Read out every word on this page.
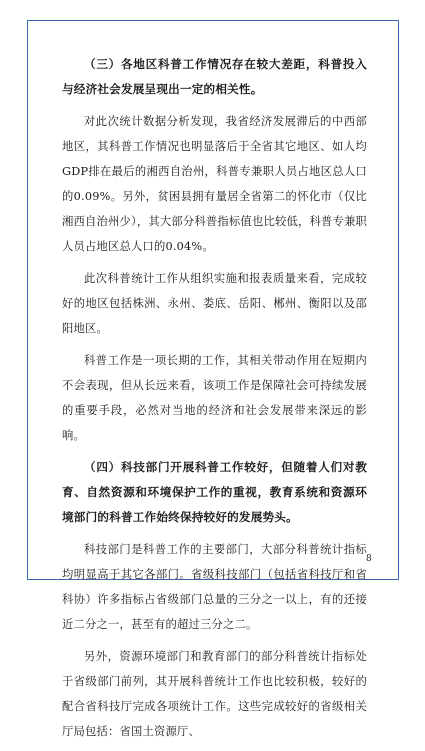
（三）各地区科普工作情况存在较大差距，科普投入与经济社会发展呈现出一定的相关性。

对此次统计数据分析发现，我省经济发展滞后的中西部地区，其科普工作情况也明显落后于全省其它地区、如人均GDP排在最后的湘西自治州，科普专兼职人员占地区总人口的0.09%。另外，贫困县拥有量居全省第二的怀化市（仅比湘西自治州少），其大部分科普指标值也比较低，科普专兼职人员占地区总人口的0.04%。

此次科普统计工作从组织实施和报表质量来看，完成较好的地区包括株洲、永州、娄底、岳阳、郴州、衡阳以及邵阳地区。

科普工作是一项长期的工作，其相关带动作用在短期内不会表现，但从长远来看，该项工作是保障社会可持续发展的重要手段，必然对当地的经济和社会发展带来深远的影响。

（四）科技部门开展科普工作较好，但随着人们对教育、自然资源和环境保护工作的重视，教育系统和资源环境部门的科普工作始终保持较好的发展势头。

科技部门是科普工作的主要部门，大部分科普统计指标均明显高于其它各部门。省级科技部门（包括省科技厅和省科协）许多指标占省级部门总量的三分之一以上，有的还接近二分之一，甚至有的超过三分之二。

另外，资源环境部门和教育部门的部分科普统计指标处于省级部门前列，其开展科普统计工作也比较积极，较好的配合省科技厅完成各项统计工作。这些完成较好的省级相关厅局包括：省国土资源厅、

8
